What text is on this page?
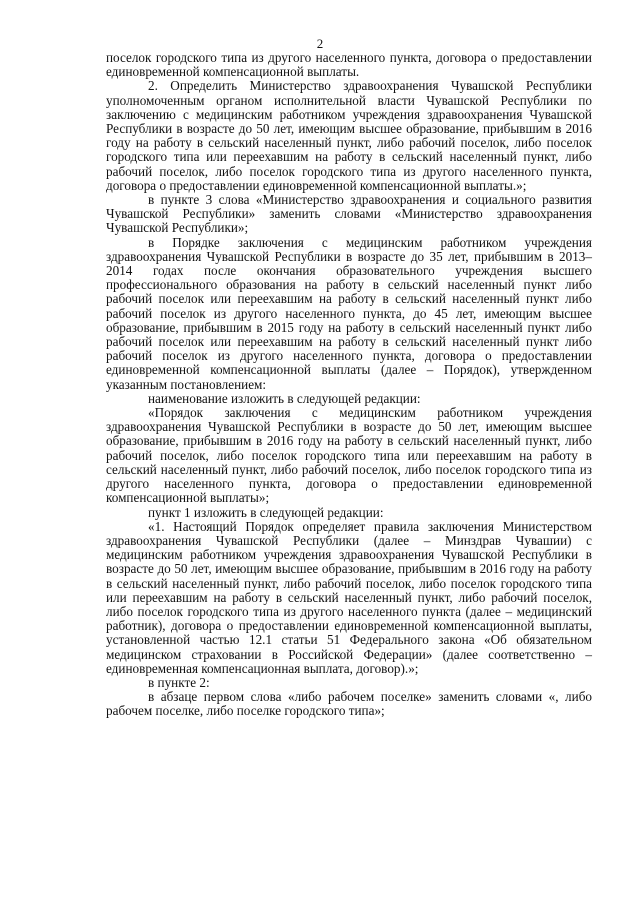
2

поселок городского типа из другого населенного пункта, договора о предоставлении единовременной компенсационной выплаты.

2. Определить Министерство здравоохранения Чувашской Республики уполномоченным органом исполнительной власти Чувашской Республики по заключению с медицинским работником учреждения здравоохранения Чувашской Республики в возрасте до 50 лет, имеющим высшее образование, прибывшим в 2016 году на работу в сельский населенный пункт, либо рабочий поселок, либо поселок городского типа или переехавшим на работу в сельский населенный пункт, либо рабочий поселок, либо поселок городского типа из другого населенного пункта, договора о предоставлении единовременной компенсационной выплаты.»;

в пункте 3 слова «Министерство здравоохранения и социального развития Чувашской Республики» заменить словами «Министерство здравоохранения Чувашской Республики»;

в Порядке заключения с медицинским работником учреждения здравоохранения Чувашской Республики в возрасте до 35 лет, прибывшим в 2013–2014 годах после окончания образовательного учреждения высшего профессионального образования на работу в сельский населенный пункт либо рабочий поселок или переехавшим на работу в сельский населенный пункт либо рабочий поселок из другого населенного пункта, до 45 лет, имеющим высшее образование, прибывшим в 2015 году на работу в сельский населенный пункт либо рабочий поселок или переехавшим на работу в сельский населенный пункт либо рабочий поселок из другого населенного пункта, договора о предоставлении единовременной компенсационной выплаты (далее – Порядок), утвержденном указанным постановлением:

наименование изложить в следующей редакции:

«Порядок заключения с медицинским работником учреждения здравоохранения Чувашской Республики в возрасте до 50 лет, имеющим высшее образование, прибывшим в 2016 году на работу в сельский населенный пункт, либо рабочий поселок, либо поселок городского типа или переехавшим на работу в сельский населенный пункт, либо рабочий поселок, либо поселок городского типа из другого населенного пункта, договора о предоставлении единовременной компенсационной выплаты»;

пункт 1 изложить в следующей редакции:

«1. Настоящий Порядок определяет правила заключения Министерством здравоохранения Чувашской Республики (далее – Минздрав Чувашии) с медицинским работником учреждения здравоохранения Чувашской Республики в возрасте до 50 лет, имеющим высшее образование, прибывшим в 2016 году на работу в сельский населенный пункт, либо рабочий поселок, либо поселок городского типа или переехавшим на работу в сельский населенный пункт, либо рабочий поселок, либо поселок городского типа из другого населенного пункта (далее – медицинский работник), договора о предоставлении единовременной компенсационной выплаты, установленной частью 12.1 статьи 51 Федерального закона «Об обязательном медицинском страховании в Российской Федерации» (далее соответственно – единовременная компенсационная выплата, договор).»;

в пункте 2:

в абзаце первом слова «либо рабочем поселке» заменить словами «, либо рабочем поселке, либо поселке городского типа»;
